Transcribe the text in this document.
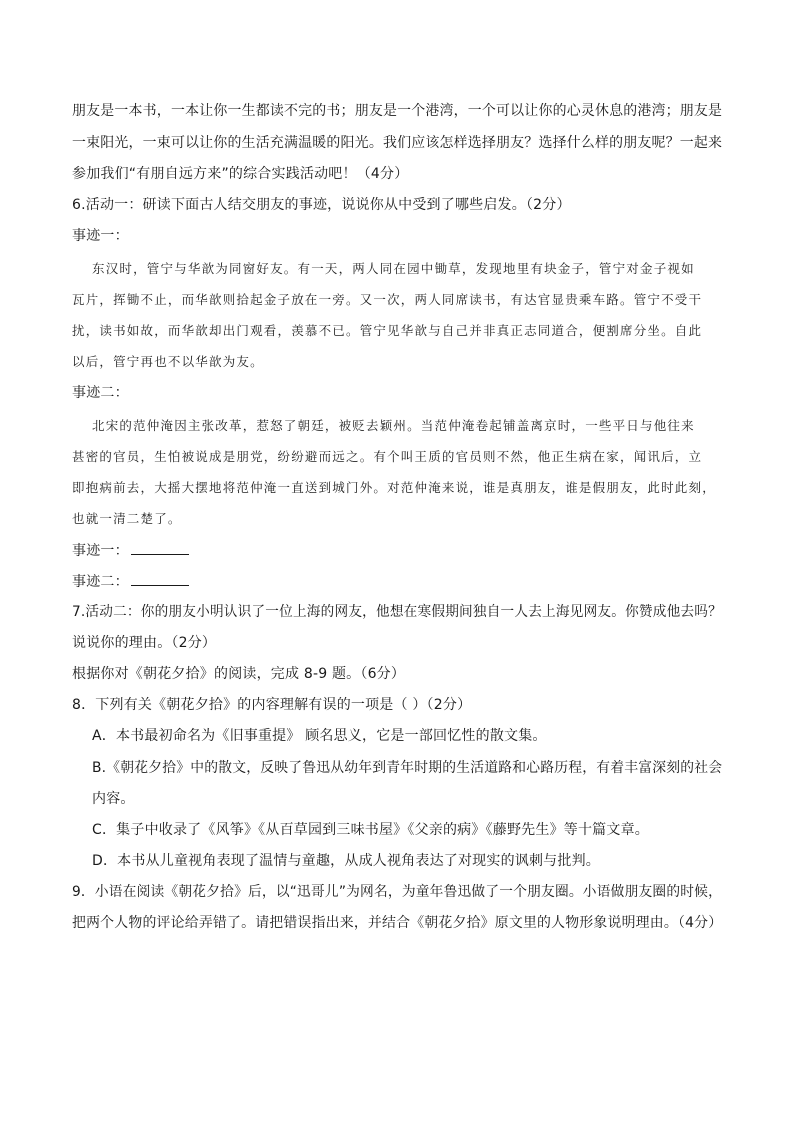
朋友是一本书，一本让你一生都读不完的书；朋友是一个港湾，一个可以让你的心灵休息的港湾；朋友是
一束阳光，一束可以让你的生活充满温暖的阳光。我们应该怎样选择朋友？选择什么样的朋友呢？一起来
参加我们“有朋自远方来”的综合实践活动吧！（4分）
6.活动一：研读下面古人结交朋友的事迹，说说你从中受到了哪些启发。（2分）
事迹一：
东汉时，管宁与华歆为同窗好友。有一天，两人同在园中锄草，发现地里有块金子，管宁对金子视如
瓦片，挥锄不止，而华歆则拾起金子放在一旁。又一次，两人同席读书，有达官显贵乘车路。管宁不受干
扰，读书如故，而华歆却出门观看，羡慕不已。管宁见华歆与自己并非真正志同道合，便割席分坐。自此
以后，管宁再也不以华歆为友。
事迹二：
北宋的范仲淹因主张改革，惹怒了朝廷，被贬去颖州。当范仲淹卷起铺盖离京时，一些平日与他往来
甚密的官员，生怕被说成是朋党，纷纷避而远之。有个叫王质的官员则不然，他正生病在家，闻讯后，立
即抱病前去，大摇大摆地将范仲淹一直送到城门外。对范仲淹来说，谁是真朋友，谁是假朋友，此时此刻，
也就一清二楚了。
事迹一：
事迹二：
7.活动二：你的朋友小明认识了一位上海的网友，他想在寒假期间独自一人去上海见网友。你赞成他去吗？
说说你的理由。（2分）
根据你对《朝花夕拾》的阅读，完成 8-9 题。（6分）
8．下列有关《朝花夕拾》的内容理解有误的一项是（ ）（2分）
A．本书最初命名为《旧事重提》 顾名思义，它是一部回忆性的散文集。
B.《朝花夕拾》中的散文，反映了鲁迅从幼年到青年时期的生活道路和心路历程，有着丰富深刻的社会
内容。
C．集子中收录了《风筝》《从百草园到三味书屋》《父亲的病》《藤野先生》等十篇文章。
D．本书从儿童视角表现了温情与童趣，从成人视角表达了对现实的讽刺与批判。
9．小语在阅读《朝花夕拾》后，以“迅哥儿”为网名，为童年鲁迅做了一个朋友圈。小语做朋友圈的时候，
把两个人物的评论给弄错了。请把错误指出来，并结合《朝花夕拾》原文里的人物形象说明理由。（4分）
